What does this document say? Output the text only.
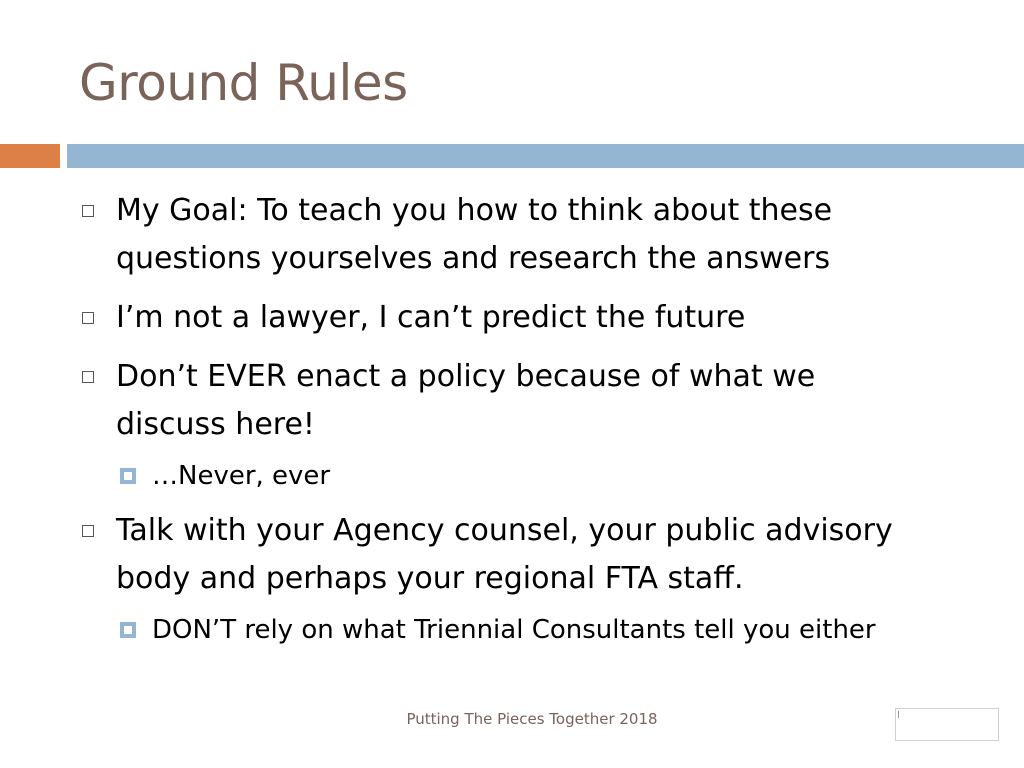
Ground Rules
My Goal: To teach you how to think about these
questions yourselves and research the answers
I’m not a lawyer, I can’t predict the future
Don’t EVER enact a policy because of what we
discuss here!
…Never, ever
Talk with your Agency counsel, your public advisory
body and perhaps your regional FTA staff.
DON’T rely on what Triennial Consultants tell you either
Putting The Pieces Together 2018
